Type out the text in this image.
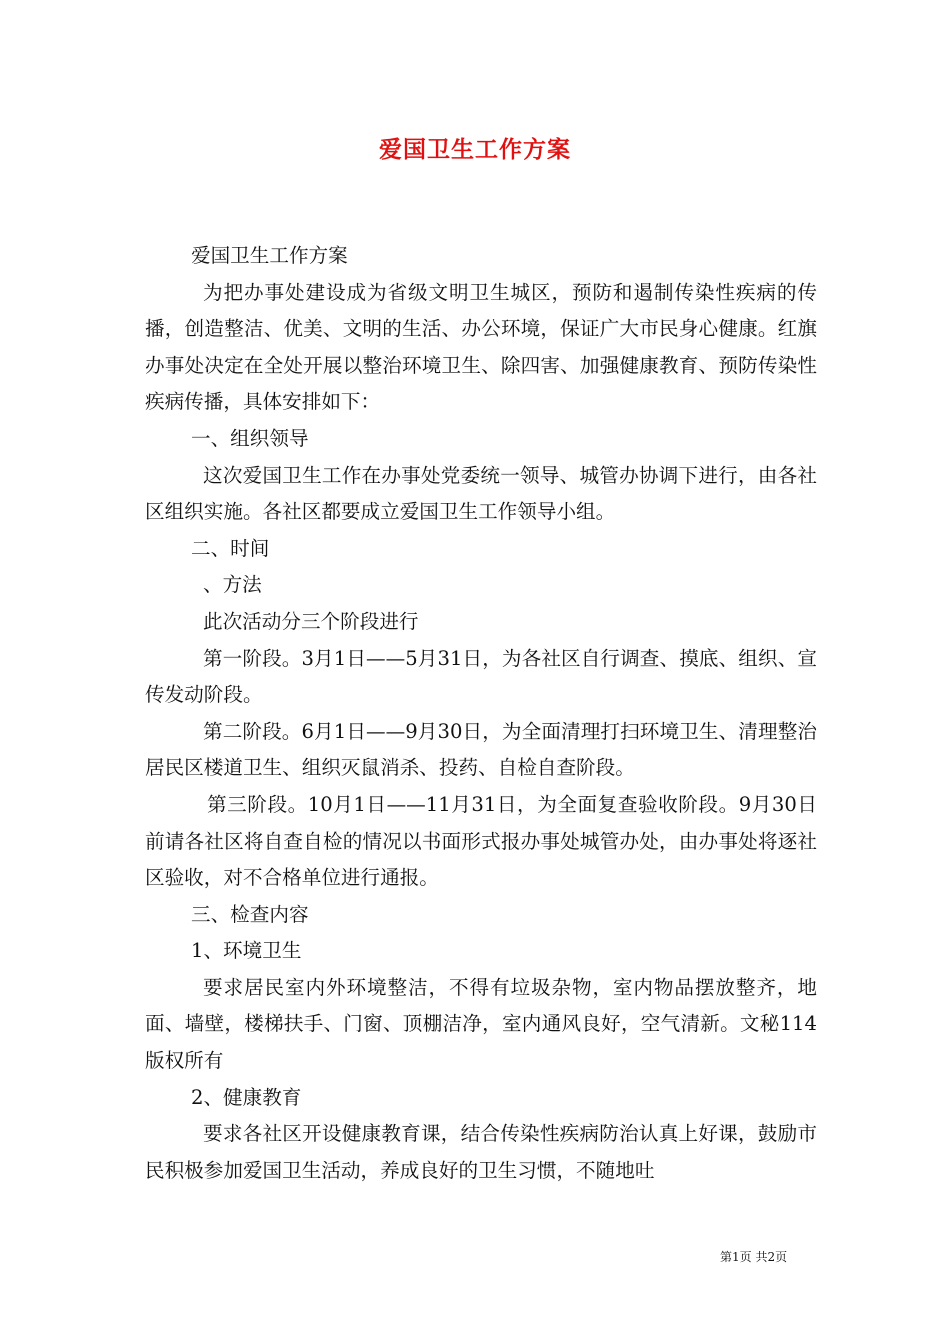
爱国卫生工作方案

爱国卫生工作方案

为把办事处建设成为省级文明卫生城区，预防和遏制传染性疾病的传播，创造整洁、优美、文明的生活、办公环境，保证广大市民身心健康。红旗办事处决定在全处开展以整治环境卫生、除四害、加强健康教育、预防传染性疾病传播，具体安排如下：

一、组织领导

这次爱国卫生工作在办事处党委统一领导、城管办协调下进行，由各社区组织实施。各社区都要成立爱国卫生工作领导小组。

二、时间

、方法

此次活动分三个阶段进行

第一阶段。3月1日——5月31日，为各社区自行调查、摸底、组织、宣传发动阶段。

第二阶段。6月1日——9月30日，为全面清理打扫环境卫生、清理整治居民区楼道卫生、组织灭鼠消杀、投药、自检自查阶段。

第三阶段。10月1日——11月31日，为全面复查验收阶段。9月30日前请各社区将自查自检的情况以书面形式报办事处城管办处，由办事处将逐社区验收，对不合格单位进行通报。

三、检查内容

1、环境卫生

要求居民室内外环境整洁，不得有垃圾杂物，室内物品摆放整齐，地面、墙壁，楼梯扶手、门窗、顶棚洁净，室内通风良好，空气清新。文秘114版权所有

2、健康教育

要求各社区开设健康教育课，结合传染性疾病防治认真上好课，鼓励市民积极参加爱国卫生活动，养成良好的卫生习惯，不随地吐

第1页 共2页
